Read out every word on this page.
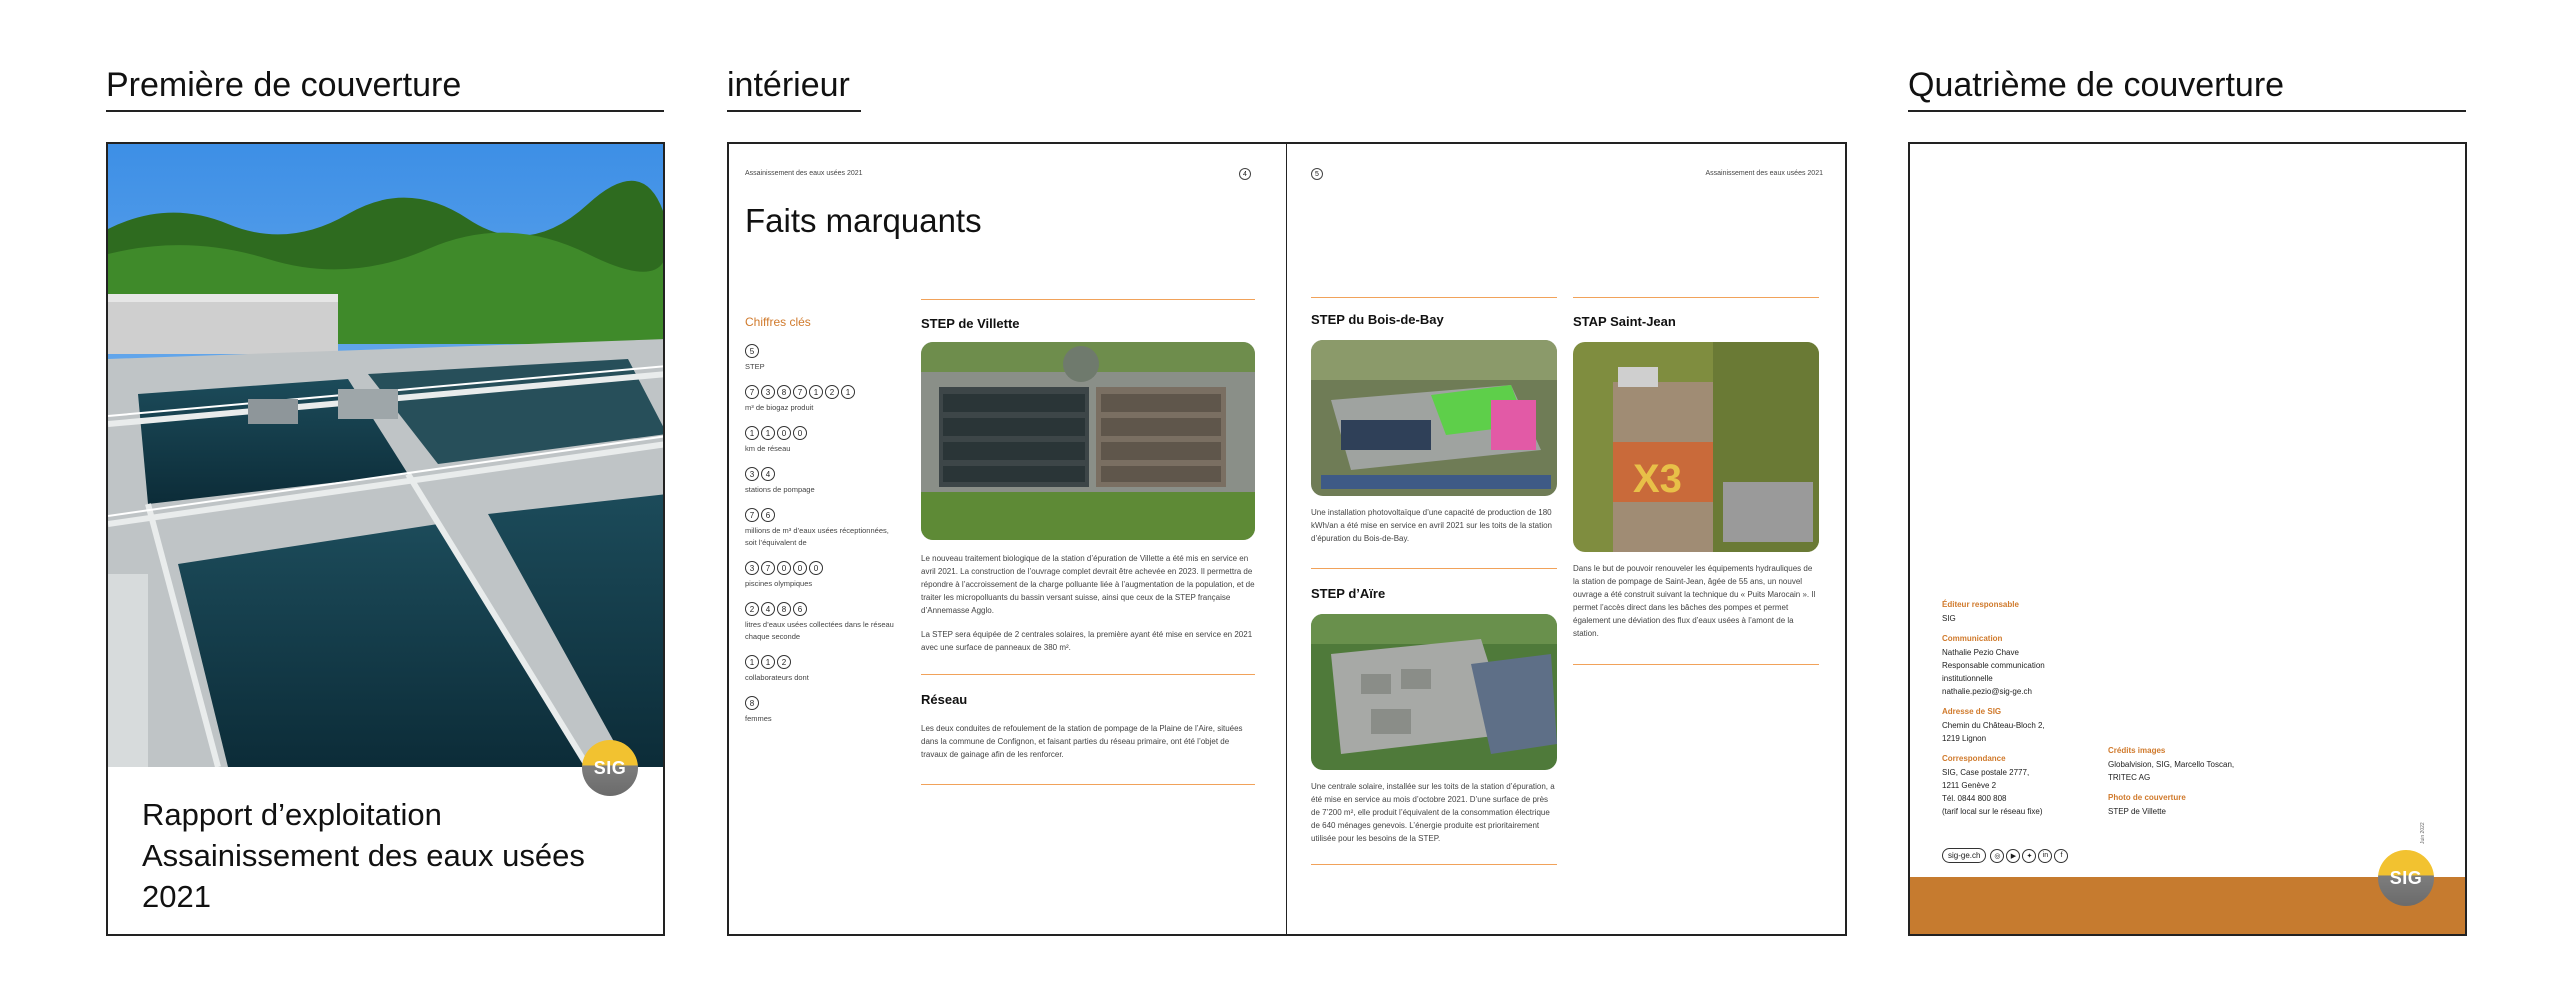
Première de couverture	intérieur	Quatrième de couverture
Rapport d’exploitation
Assainissement des eaux usées
2021
SIG
Assainissement des eaux usées 2021	4
Faits marquants
Chiffres clés
5
STEP
7	3	8	7	1	2	1
m³ de biogaz produit
1	1	0	0
km de réseau
3	4
stations de pompage
7	6
millions de m³ d’eaux usées réceptionnées, soit l’équivalent de
3	7	0	0	0
piscines olympiques
2	4	8	6
litres d’eaux usées collectées dans le réseau chaque seconde
1	1	2
collaborateurs dont
8
femmes
STEP de Villette
Le nouveau traitement biologique de la station d’épuration de Villette a été mis en service en avril 2021. La construction de l’ouvrage complet devrait être achevée en 2023. Il permettra de répondre à l’accroissement de la charge polluante liée à l’augmentation de la population, et de traiter les micropolluants du bassin versant suisse, ainsi que ceux de la STEP française d’Annemasse Agglo.
La STEP sera équipée de 2 centrales solaires, la première ayant été mise en service en 2021 avec une surface de panneaux de 380 m².
Réseau
Les deux conduites de refoulement de la station de pompage de la Plaine de l’Aire, situées dans la commune de Confignon, et faisant parties du réseau primaire, ont été l’objet de travaux de gainage afin de les renforcer.
5	Assainissement des eaux usées 2021
STEP du Bois-de-Bay
Une installation photovoltaïque d’une capacité de production de 180 kWh/an a été mise en service en avril 2021 sur les toits de la station d’épuration du Bois-de-Bay.
STEP d’Aïre
Une centrale solaire, installée sur les toits de la station d’épuration, a été mise en service au mois d’octobre 2021. D’une surface de près de 7’200 m², elle produit l’équivalent de la consommation électrique de 640 ménages genevois. L’énergie produite est prioritairement utilisée pour les besoins de la STEP.
STAP Saint-Jean
X3
Dans le but de pouvoir renouveler les équipements hydrauliques de la station de pompage de Saint-Jean, âgée de 55 ans, un nouvel ouvrage a été construit suivant la technique du « Puits Marocain ». Il permet l’accès direct dans les bâches des pompes et permet également une déviation des flux d’eaux usées à l’amont de la station.
Éditeur responsable
SIG
Communication
Nathalie Pezio Chave
Responsable communication
institutionnelle
nathalie.pezio@sig-ge.ch
Adresse de SIG
Chemin du Château-Bloch 2,
1219 Lignon
Correspondance
SIG, Case postale 2777,
1211 Genève 2
Tél. 0844 800 808
(tarif local sur le réseau fixe)
Crédits images
Globalvision, SIG, Marcello Toscan,
TRITEC AG
Photo de couverture
STEP de Villette
sig-ge.ch	◎	▶	✦	in	f
Juin 2022
SIG
